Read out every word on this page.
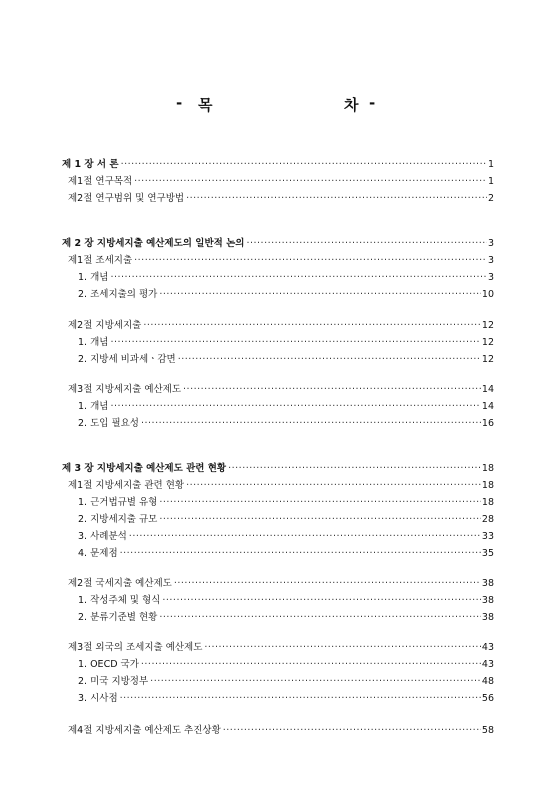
- 목	차 -
제 1 장 서 론 ·····	1
제1절 연구목적 ·····	1
제2절 연구범위 및 연구방법 ·····	2
제 2 장 지방세지출 예산제도의 일반적 논의 ·····	3
제1절 조세지출 ·····	3
1. 개념 ·····	3
2. 조세지출의 평가 ·····	10
제2절 지방세지출 ·····	12
1. 개념 ·····	12
2. 지방세 비과세ㆍ감면 ·····	12
제3절 지방세지출 예산제도 ·····	14
1. 개념 ·····	14
2. 도입 필요성 ·····	16
제 3 장 지방세지출 예산제도 관련 현황 ·····	18
제1절 지방세지출 관련 현황 ·····	18
1. 근거법규별 유형 ·····	18
2. 지방세지출 규모 ·····	28
3. 사례분석 ·····	33
4. 문제점 ·····	35
제2절 국세지출 예산제도 ·····	38
1. 작성주체 및 형식 ·····	38
2. 분류기준별 현황 ·····	38
제3절 외국의 조세지출 예산제도 ·····	43
1. OECD 국가 ·····	43
2. 미국 지방정부 ·····	48
3. 시사점 ·····	56
제4절 지방세지출 예산제도 추진상황 ·····	58
